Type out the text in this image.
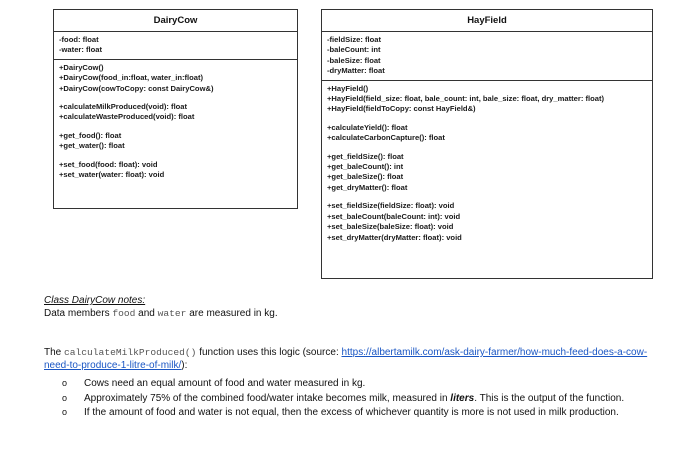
DairyCow
-food: float
-water: float
+DairyCow()
+DairyCow(food_in:float, water_in:float)
+DairyCow(cowToCopy: const DairyCow&)
+calculateMilkProduced(void): float
+calculateWasteProduced(void): float
+get_food(): float
+get_water(): float
+set_food(food: float): void
+set_water(water: float): void
HayField
-fieldSize: float
-baleCount: int
-baleSize: float
-dryMatter: float
+HayField()
+HayField(field_size: float, bale_count: int, bale_size: float, dry_matter: float)
+HayField(fieldToCopy: const HayField&)
+calculateYield(): float
+calculateCarbonCapture(): float
+get_fieldSize(): float
+get_baleCount(): int
+get_baleSize(): float
+get_dryMatter(): float
+set_fieldSize(fieldSize: float): void
+set_baleCount(baleCount: int): void
+set_baleSize(baleSize: float): void
+set_dryMatter(dryMatter: float): void
Class DairyCow notes:
Data members food and water are measured in kg.
The calculateMilkProduced() function uses this logic (source: https://albertamilk.com/ask-dairy-farmer/how-much-feed-does-a-cow-need-to-produce-1-litre-of-milk/):
o Cows need an equal amount of food and water measured in kg.
o Approximately 75% of the combined food/water intake becomes milk, measured in liters. This is the output of the function.
o If the amount of food and water is not equal, then the excess of whichever quantity is more is not used in milk production.
